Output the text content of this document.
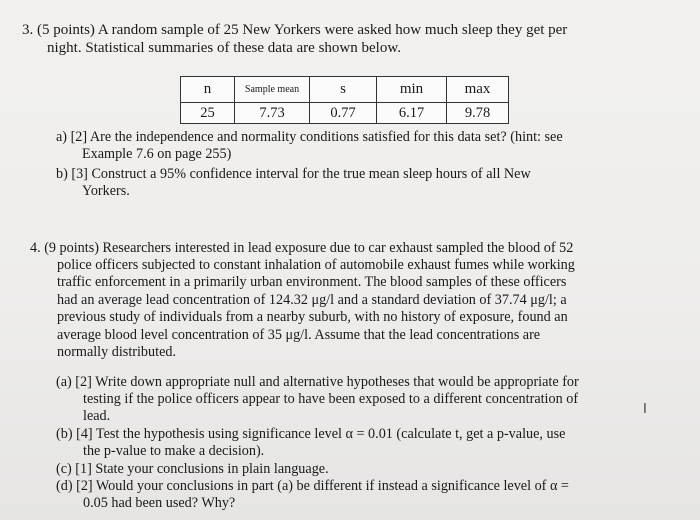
3. (5 points) A random sample of 25 New Yorkers were asked how much sleep they get per
night. Statistical summaries of these data are shown below.
n	Sample mean	s	min	max
25	7.73	0.77	6.17	9.78
a) [2] Are the independence and normality conditions satisfied for this data set? (hint: see
Example 7.6 on page 255)
b) [3] Construct a 95% confidence interval for the true mean sleep hours of all New
Yorkers.
4. (9 points) Researchers interested in lead exposure due to car exhaust sampled the blood of 52
police officers subjected to constant inhalation of automobile exhaust fumes while working
traffic enforcement in a primarily urban environment. The blood samples of these officers
had an average lead concentration of 124.32 μg/l and a standard deviation of 37.74 μg/l; a
previous study of individuals from a nearby suburb, with no history of exposure, found an
average blood level concentration of 35 μg/l. Assume that the lead concentrations are
normally distributed.
(a) [2] Write down appropriate null and alternative hypotheses that would be appropriate for
testing if the police officers appear to have been exposed to a different concentration of
lead.
(b) [4] Test the hypothesis using significance level α = 0.01 (calculate t, get a p-value, use
the p-value to make a decision).
(c) [1] State your conclusions in plain language.
(d) [2] Would your conclusions in part (a) be different if instead a significance level of α =
0.05 had been used? Why?
I
